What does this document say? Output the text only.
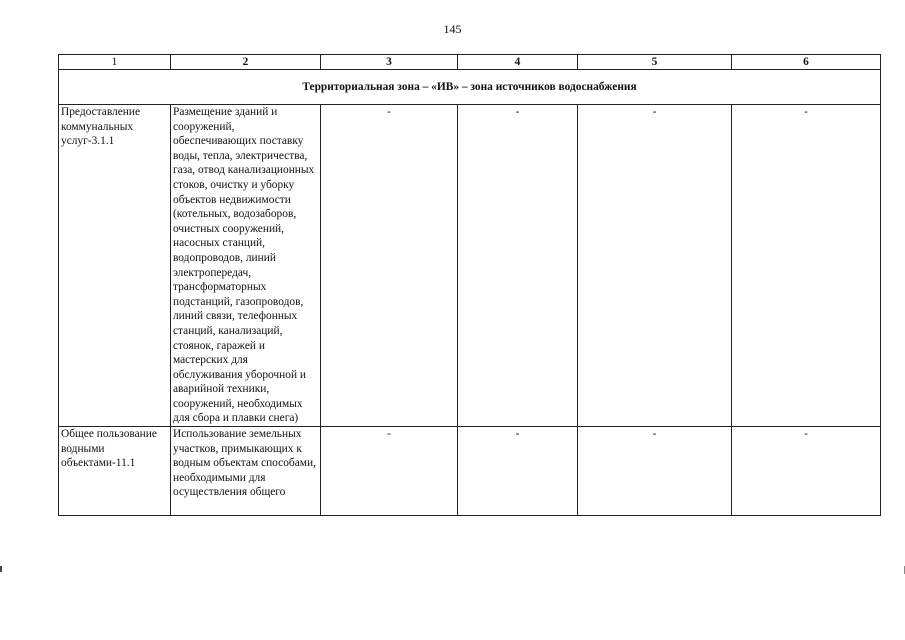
145
1	2	3	4	5	6
Территориальная зона – «ИВ» – зона источников водоснабжения					
Предоставление коммунальных услуг-3.1.1	Размещение зданий и сооружений, обеспечивающих поставку воды, тепла, электричества, газа, отвод канализационных стоков, очистку и уборку объектов недвижимости (котельных, водозаборов, очистных сооружений, насосных станций, водопроводов, линий электропередач, трансформаторных подстанций, газопроводов, линий связи, телефонных станций, канализаций, стоянок, гаражей и мастерских для обслуживания уборочной и аварийной техники, сооружений, необходимых для сбора и плавки снега)	-	-	-	-
Общее пользование водными объектами-11.1	Использование земельных участков, примыкающих к водным объектам способами, необходимыми для осуществления общего	-	-	-	-
